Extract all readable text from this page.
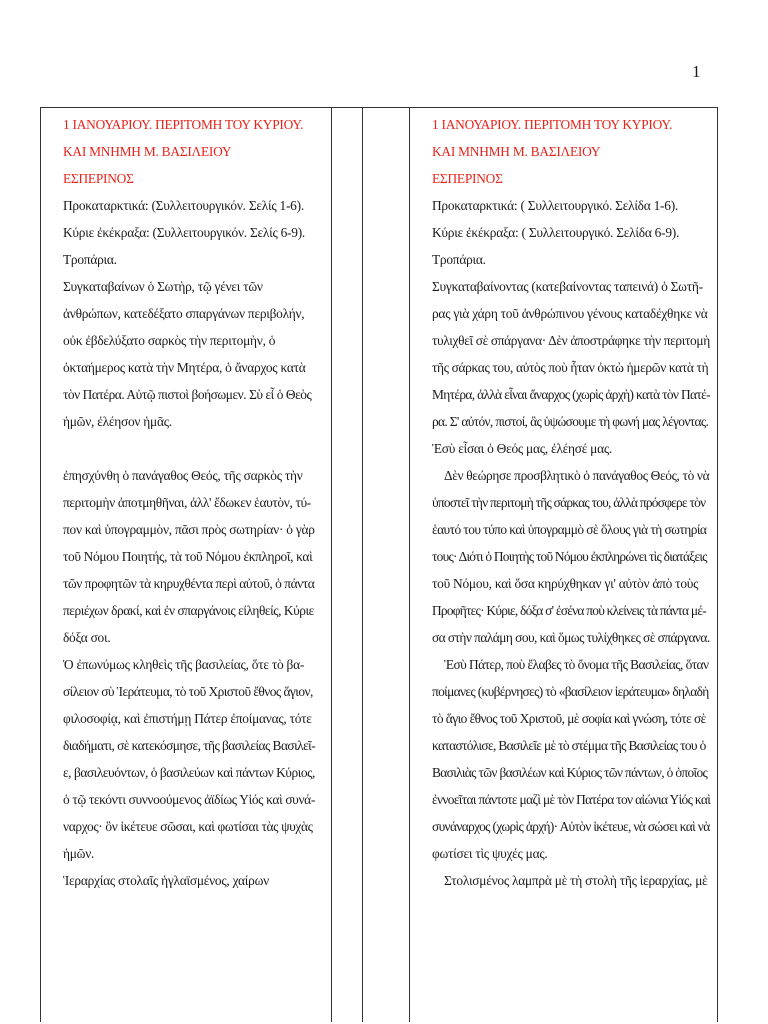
1
1 ΙΑΝΟΥΑΡΙΟΥ. ΠΕΡΙΤΟΜΗ ΤΟΥ ΚΥΡΙΟΥ.
ΚΑΙ ΜΝΗΜΗ Μ. ΒΑΣΙΛΕΙΟΥ
ΕΣΠΕΡΙΝΟΣ
Προκαταρκτικά: (Συλλειτουργικόν. Σελίς 1-6).
Κύριε ἐκέκραξα: (Συλλειτουργικόν. Σελίς 6-9).
Τροπάρια.
Συγκαταβαίνων ὁ Σωτὴρ, τῷ γένει τῶν
ἀνθρώπων, κατεδέξατο σπαργάνων περιβολήν,
οὐκ ἐβδελύξατο σαρκὸς τὴν περιτομὴν, ὁ
ὀκταήμερος κατὰ τὴν Μητέρα, ὁ ἄναρχος κατὰ
τὸν Πατέρα. Αὐτῷ πιστοὶ βοήσωμεν. Σὺ εἶ ὁ Θεὸς
ἡμῶν, ἐλέησον ἡμᾶς.
ἐπησχύνθη ὁ πανάγαθος Θεός, τῆς σαρκὸς τὴν
περιτομὴν ἀποτμηθῆναι, ἀλλ' ἔδωκεν ἑαυτὸν, τύ-
πον καὶ ὑπογραμμὸν, πᾶσι πρὸς σωτηρίαν· ὁ γὰρ
τοῦ Νόμου Ποιητής, τὰ τοῦ Νόμου ἐκπληροῖ, καὶ
τῶν προφητῶν τὰ κηρυχθέντα περὶ αὐτοῦ, ὁ πάντα
περιέχων δρακί, καὶ ἐν σπαργάνοις εἰληθείς, Κύριε
δόξα σοι.
Ὁ ἐπωνύμως κληθεὶς τῆς βασιλείας, ὅτε τὸ βα-
σίλειον σὺ Ἱεράτευμα, τὸ τοῦ Χριστοῦ ἔθνος ἅγιον,
φιλοσοφίᾳ, καὶ ἐπιστήμῃ Πάτερ ἐποίμανας, τότε
διαδήματι, σὲ κατεκόσμησε, τῆς βασιλείας Βασιλεῖ-
ε, βασιλευόντων, ὁ βασιλεύων καὶ πάντων Κύριος,
ὁ τῷ τεκόντι συννοούμενος ἀϊδίως Υἱός καὶ συνά-
ναρχος· ὃν ἱκέτευε σῶσαι, καὶ φωτίσαι τὰς ψυχὰς
ἡμῶν.
Ἱεραρχίας στολαῖς ἡγλαϊσμένος, χαίρων
1 ΙΑΝΟΥΑΡΙΟΥ. ΠΕΡΙΤΟΜΗ ΤΟΥ ΚΥΡΙΟΥ.
ΚΑΙ ΜΝΗΜΗ Μ. ΒΑΣΙΛΕΙΟΥ
ΕΣΠΕΡΙΝΟΣ
Προκαταρκτικά: ( Συλλειτουργικό. Σελίδα 1-6).
Κύριε ἐκέκραξα: ( Συλλειτουργικό. Σελίδα 6-9).
Τροπάρια.
Συγκαταβαίνοντας (κατεβαίνοντας ταπεινά) ὁ Σωτῆ-
ρας γιὰ χάρη τοῦ ἀνθρώπινου γένους καταδέχθηκε νὰ
τυλιχθεῖ σὲ σπάργανα· Δὲν ἀποστράφηκε τὴν περιτομὴ
τῆς σάρκας του, αὐτὸς ποὺ ἦταν ὀκτὼ ἡμερῶν κατὰ τὴ
Μητέρα, ἀλλὰ εἶναι ἄναρχος (χωρὶς ἀρχὴ) κατὰ τὸν Πατέ-
ρα. Σ' αὐτόν, πιστοί, ἂς ὑψώσουμε τὴ φωνή μας λέγοντας.
Ἐσὺ εἶσαι ὁ Θεός μας, ἐλέησέ μας.
Δὲν θεώρησε προσβλητικὸ ὁ πανάγαθος Θεός, τὸ νὰ
ὑποστεῖ τὴν περιτομὴ τῆς σάρκας του, ἀλλὰ πρόσφερε τὸν
ἑαυτό του τύπο καὶ ὑπογραμμὸ σὲ ὅλους γιὰ τὴ σωτηρία
τους· Διότι ὁ Ποιητὴς τοῦ Νόμου ἐκπληρώνει τὶς διατάξεις
τοῦ Νόμου, καὶ ὅσα κηρύχθηκαν γι' αὐτὸν ἀπὸ τοὺς
Προφῆτες· Κύριε, δόξα σ' ἐσένα ποὺ κλείνεις τὰ πάντα μέ-
σα στὴν παλάμη σου, καὶ ὅμως τυλίχθηκες σὲ σπάργανα.
Ἐσὺ Πάτερ, ποὺ ἔλαβες τὸ ὄνομα τῆς Βασιλείας, ὅταν
ποίμανες (κυβέρνησες) τὸ «βασίλειον ἱεράτευμα» δηλαδὴ
τὸ ἅγιο ἔθνος τοῦ Χριστοῦ, μὲ σοφία καὶ γνώση, τότε σὲ
καταστόλισε, Βασιλεῖε μὲ τὸ στέμμα τῆς Βασιλείας του ὁ
Βασιλιὰς τῶν βασιλέων καὶ Κύριος τῶν πάντων, ὁ ὁποῖος
ἐννοεῖται πάντοτε μαζὶ μὲ τὸν Πατέρα τον αἰώνια Υἱός καὶ
συνάναρχος (χωρὶς ἀρχή)· Αὐτὸν ἱκέτευε, νὰ σώσει καὶ νὰ
φωτίσει τὶς ψυχές μας.
Στολισμένος λαμπρὰ μὲ τὴ στολὴ τῆς ἱεραρχίας, μὲ
